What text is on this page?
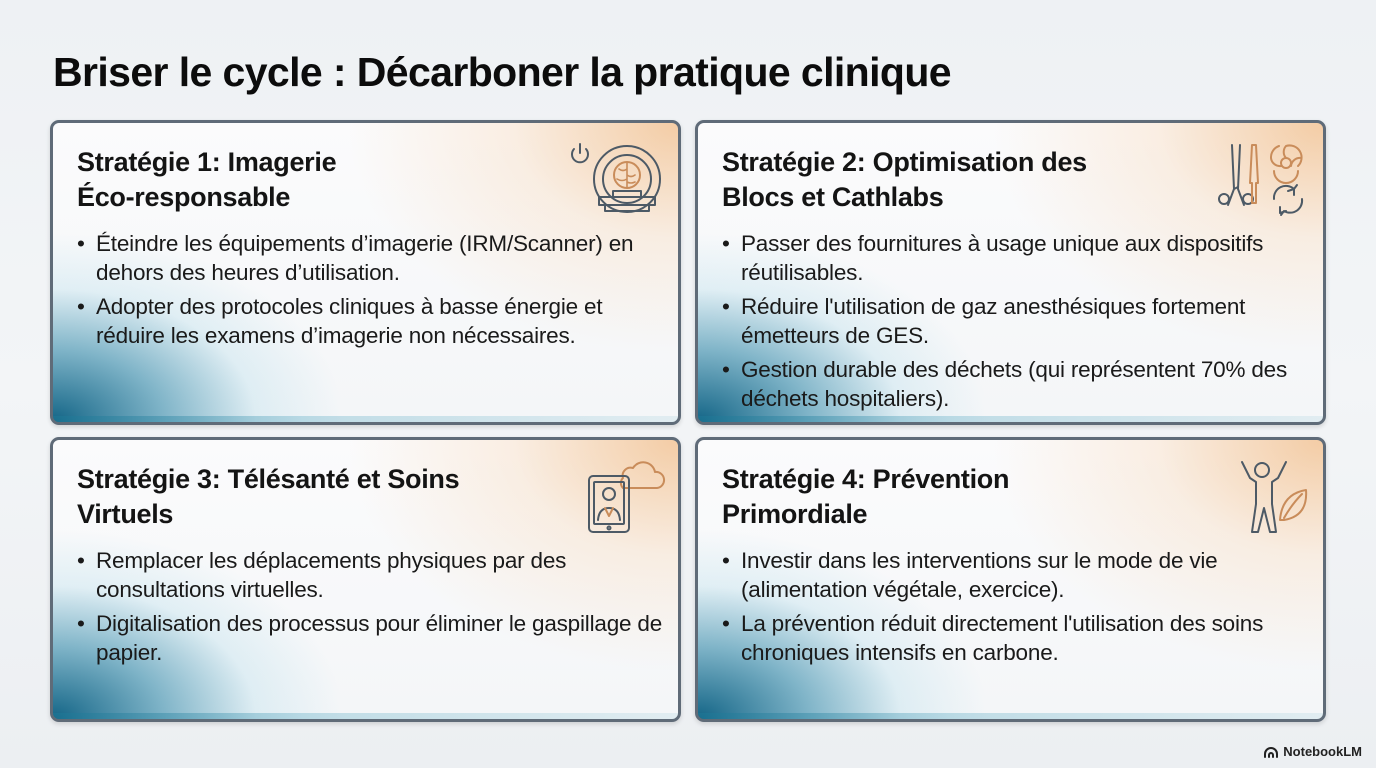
Briser le cycle : Décarboner la pratique clinique
Stratégie 1: Imagerie
Éco-responsable
• Éteindre les équipements d’imagerie (IRM/Scanner) en dehors des heures d’utilisation.
• Adopter des protocoles cliniques à basse énergie et réduire les examens d’imagerie non nécessaires.
Stratégie 2: Optimisation des
Blocs et Cathlabs
• Passer des fournitures à usage unique aux dispositifs réutilisables.
• Réduire l'utilisation de gaz anesthésiques fortement émetteurs de GES.
• Gestion durable des déchets (qui représentent 70% des déchets hospitaliers).
Stratégie 3: Télésanté et Soins
Virtuels
• Remplacer les déplacements physiques par des consultations virtuelles.
• Digitalisation des processus pour éliminer le gaspillage de papier.
Stratégie 4: Prévention
Primordiale
• Investir dans les interventions sur le mode de vie (alimentation végétale, exercice).
• La prévention réduit directement l'utilisation des soins chroniques intensifs en carbone.
NotebookLM
